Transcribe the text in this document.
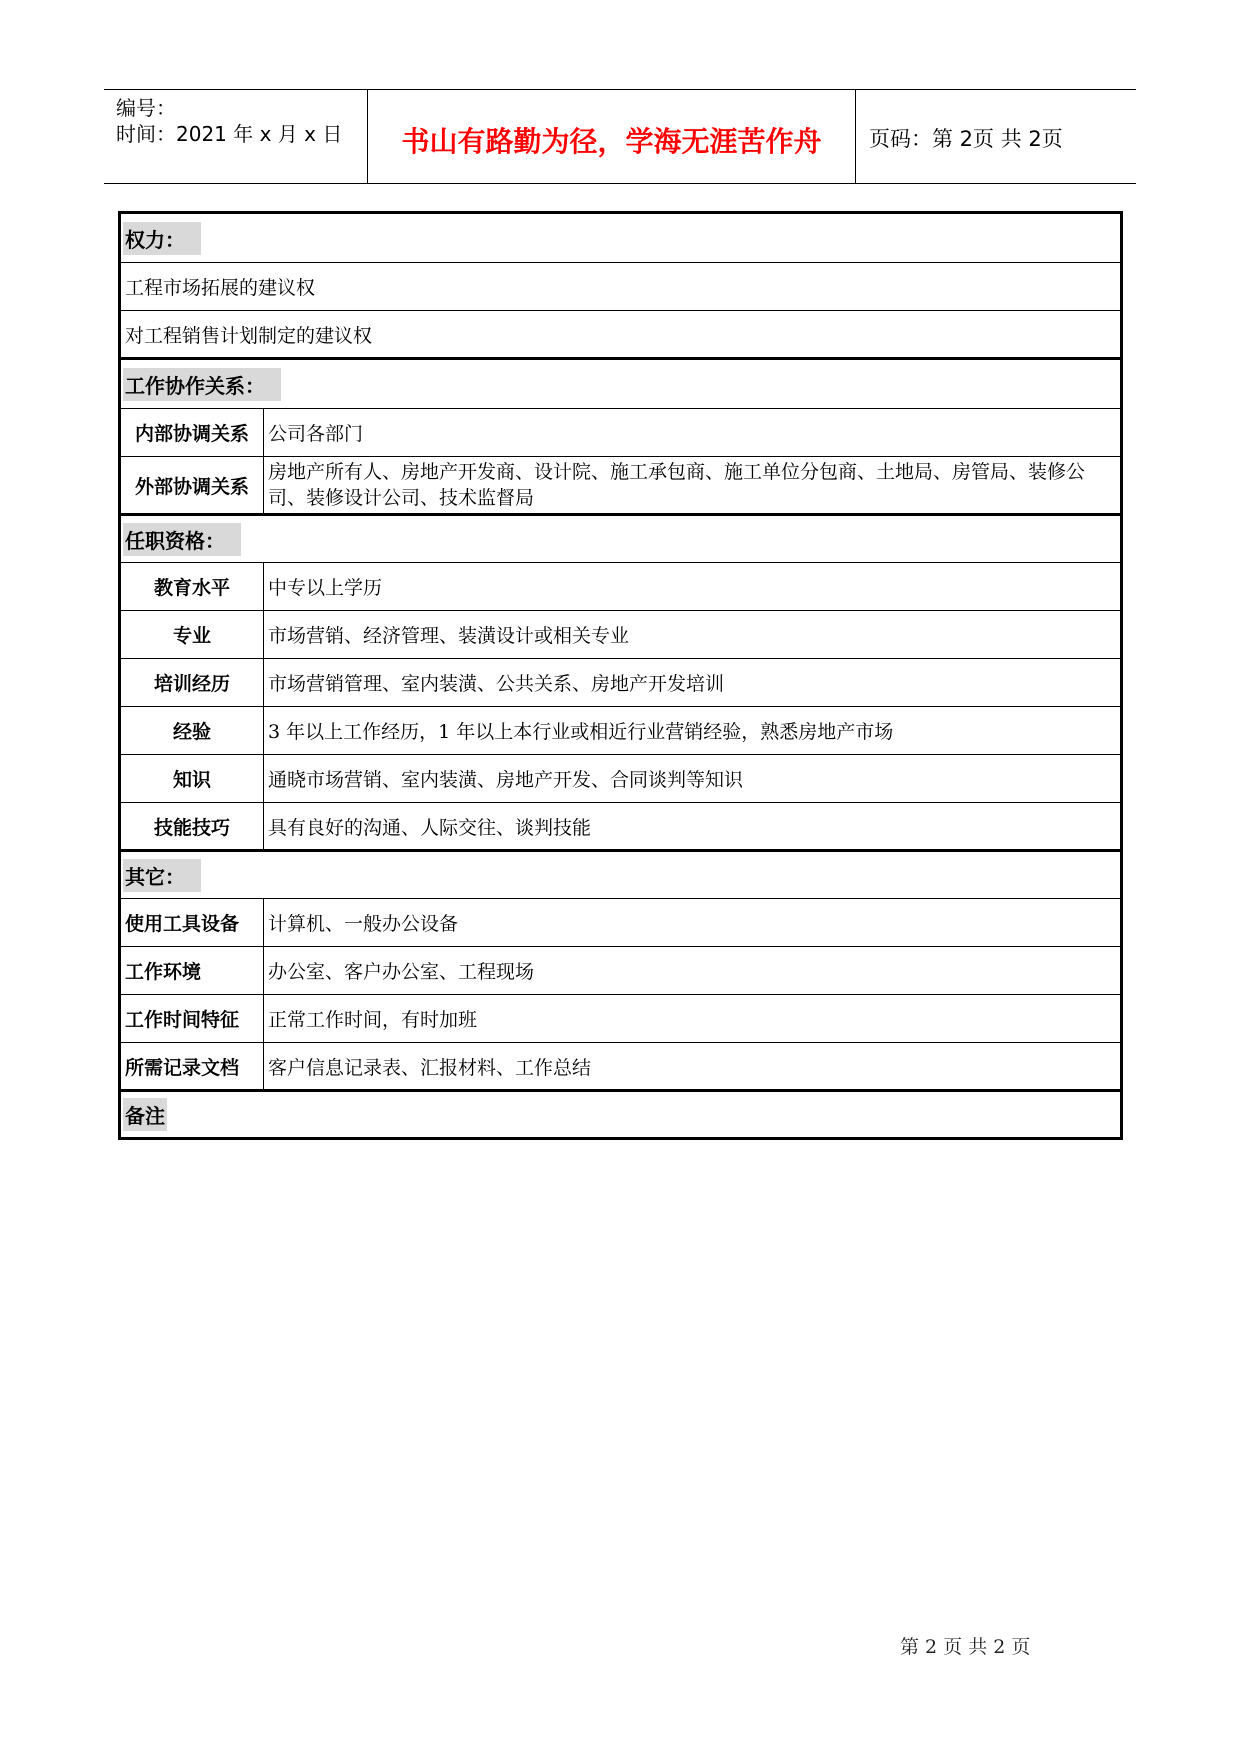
编号：
时间：2021 年 x 月 x 日	书山有路勤为径，学海无涯苦作舟	页码：第 2页 共 2页
权力：	
工程市场拓展的建议权	
对工程销售计划制定的建议权	
工作协作关系：	
内部协调关系	公司各部门
外部协调关系	房地产所有人、房地产开发商、设计院、施工承包商、施工单位分包商、土地局、房管局、装修公司、装修设计公司、技术监督局
任职资格：	
教育水平	中专以上学历
专业	市场营销、经济管理、装潢设计或相关专业
培训经历	市场营销管理、室内装潢、公共关系、房地产开发培训
经验	3 年以上工作经历，1 年以上本行业或相近行业营销经验，熟悉房地产市场
知识	通晓市场营销、室内装潢、房地产开发、合同谈判等知识
技能技巧	具有良好的沟通、人际交往、谈判技能
其它：	
使用工具设备	计算机、一般办公设备
工作环境	办公室、客户办公室、工程现场
工作时间特征	正常工作时间，有时加班
所需记录文档	客户信息记录表、汇报材料、工作总结
备注	
第 2 页 共 2 页
